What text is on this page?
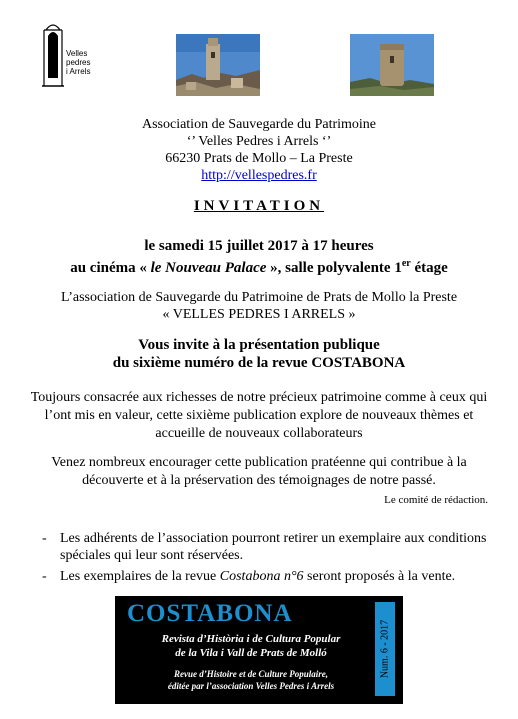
Velles
pedres
i Arrels
Association de Sauvegarde du Patrimoine
‘’ Velles Pedres i Arrels ‘’
66230 Prats de Mollo – La Preste
http://vellespedres.fr
INVITATION
le samedi 15 juillet 2017 à 17 heures
au cinéma « le Nouveau Palace », salle polyvalente 1er étage
L’association de Sauvegarde du Patrimoine de Prats de Mollo la Preste
« VELLES PEDRES I ARRELS »
Vous invite à la présentation publique
du sixième numéro de la revue COSTABONA
Toujours consacrée aux richesses de notre précieux patrimoine comme à ceux qui l’ont mis en valeur, cette sixième publication explore de nouveaux thèmes et accueille de nouveaux collaborateurs
Venez nombreux encourager cette publication pratéenne qui contribue à la découverte et à la préservation des témoignages de notre passé.
Le comité de rédaction.
- Les adhérents de l’association pourront retirer un exemplaire aux conditions spéciales qui leur sont réservées.
- Les exemplaires de la revue Costabona n°6 seront proposés à la vente.
COSTABONA
Revista d’Història i de Cultura Popular
de la Vila i Vall de Prats de Molló
Revue d’Histoire et de Culture Populaire,
éditée par l’association Velles Pedres i Arrels
Num. 6 - 2017
